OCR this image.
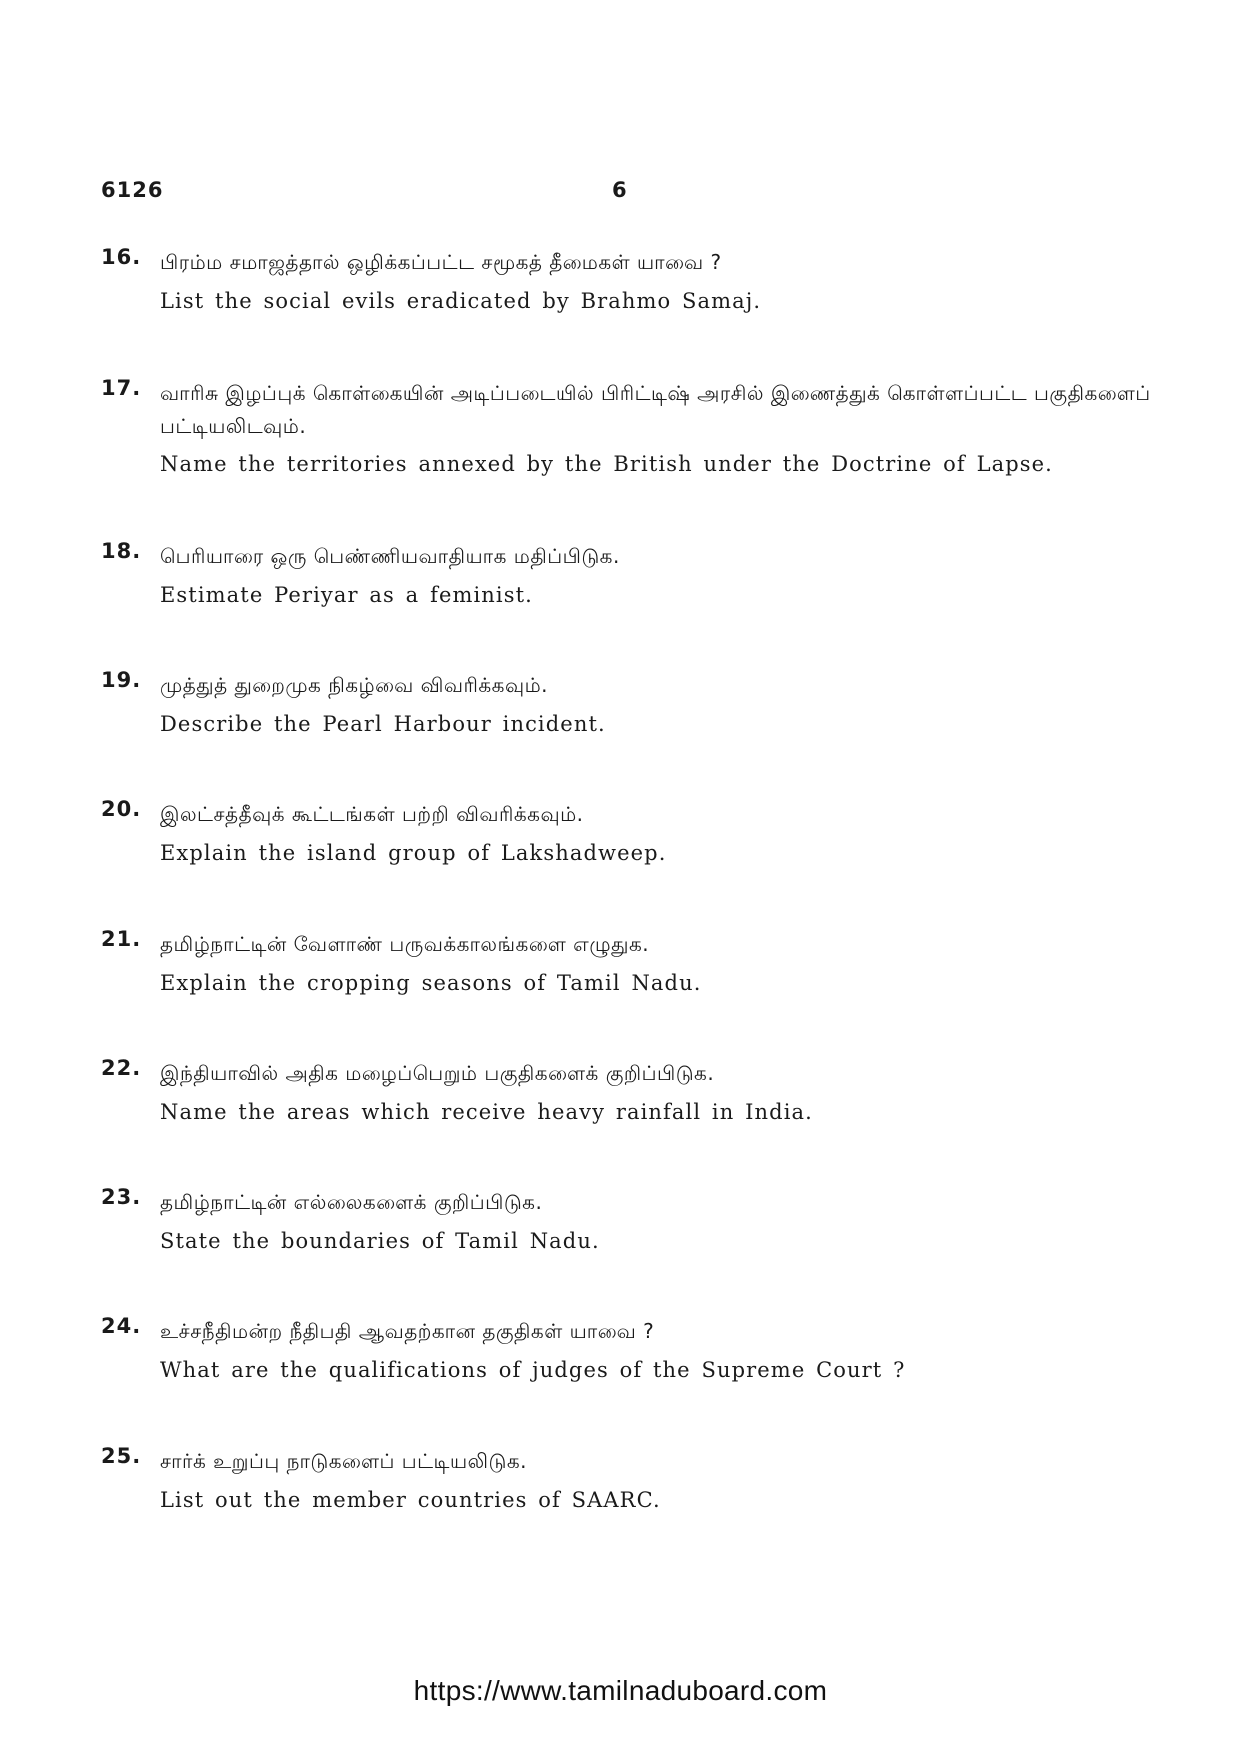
6126	6
16. பிரம்ம சமாஜத்தால் ஒழிக்கப்பட்ட சமூகத் தீமைகள் யாவை ?
List the social evils eradicated by Brahmo Samaj.
17. வாரிசு இழப்புக் கொள்கையின் அடிப்படையில் பிரிட்டிஷ் அரசில் இணைத்துக் கொள்ளப்பட்ட பகுதிகளைப் பட்டியலிடவும்.
Name the territories annexed by the British under the Doctrine of Lapse.
18. பெரியாரை ஒரு பெண்ணியவாதியாக மதிப்பிடுக.
Estimate Periyar as a feminist.
19. முத்துத் துறைமுக நிகழ்வை விவரிக்கவும்.
Describe the Pearl Harbour incident.
20. இலட்சத்தீவுக் கூட்டங்கள் பற்றி விவரிக்கவும்.
Explain the island group of Lakshadweep.
21. தமிழ்நாட்டின் வேளாண் பருவக்காலங்களை எழுதுக.
Explain the cropping seasons of Tamil Nadu.
22. இந்தியாவில் அதிக மழைப்பெறும் பகுதிகளைக் குறிப்பிடுக.
Name the areas which receive heavy rainfall in India.
23. தமிழ்நாட்டின் எல்லைகளைக் குறிப்பிடுக.
State the boundaries of Tamil Nadu.
24. உச்சநீதிமன்ற நீதிபதி ஆவதற்கான தகுதிகள் யாவை ?
What are the qualifications of judges of the Supreme Court ?
25. சார்க் உறுப்பு நாடுகளைப் பட்டியலிடுக.
List out the member countries of SAARC.
https://www.tamilnaduboard.com
